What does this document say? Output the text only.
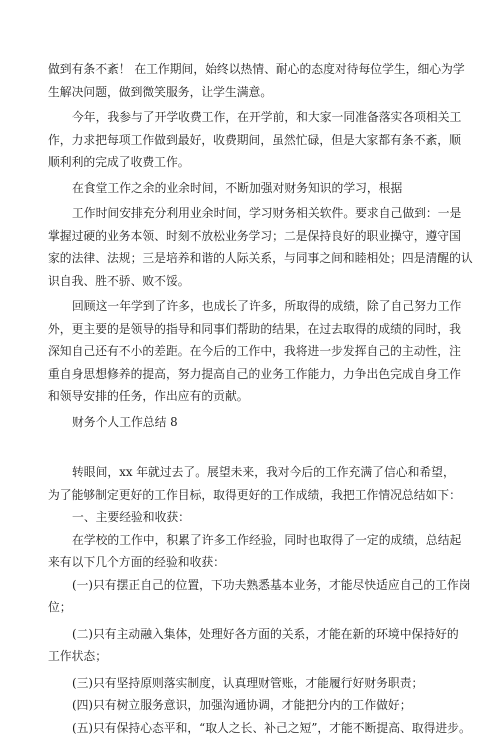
做到有条不紊！ 在工作期间，始终以热情、耐心的态度对待每位学生，细心为学
生解决问题，做到微笑服务，让学生满意。

今年，我参与了开学收费工作，在开学前，和大家一同准备落实各项相关工
作，力求把每项工作做到最好，收费期间，虽然忙碌，但是大家都有条不紊，顺
顺利利的完成了收费工作。

在食堂工作之余的业余时间，不断加强对财务知识的学习，根据

工作时间安排充分利用业余时间，学习财务相关软件。要求自己做到：一是
掌握过硬的业务本领、时刻不放松业务学习；二是保持良好的职业操守，遵守国
家的法律、法规；三是培养和谐的人际关系，与同事之间和睦相处；四是清醒的认
识自我、胜不骄、败不馁。

回顾这一年学到了许多，也成长了许多，所取得的成绩，除了自己努力工作
外，更主要的是领导的指导和同事们帮助的结果，在过去取得的成绩的同时，我
深知自己还有不小的差距。在今后的工作中，我将进一步发挥自己的主动性，注
重自身思想修养的提高，努力提高自己的业务工作能力，力争出色完成自身工作
和领导安排的任务，作出应有的贡献。

财务个人工作总结 8

转眼间，xx 年就过去了。展望未来，我对今后的工作充满了信心和希望，
为了能够制定更好的工作目标，取得更好的工作成绩，我把工作情况总结如下：

一、主要经验和收获：

在学校的工作中，积累了许多工作经验，同时也取得了一定的成绩，总结起
来有以下几个方面的经验和收获：

(一)只有摆正自己的位置，下功夫熟悉基本业务，才能尽快适应自己的工作岗
位；

(二)只有主动融入集体，处理好各方面的关系，才能在新的环境中保持好的
工作状态；

(三)只有坚持原则落实制度，认真理财管账，才能履行好财务职责；

(四)只有树立服务意识，加强沟通协调，才能把分内的工作做好；

(五)只有保持心态平和，“取人之长、补己之短”，才能不断提高、取得进步。
